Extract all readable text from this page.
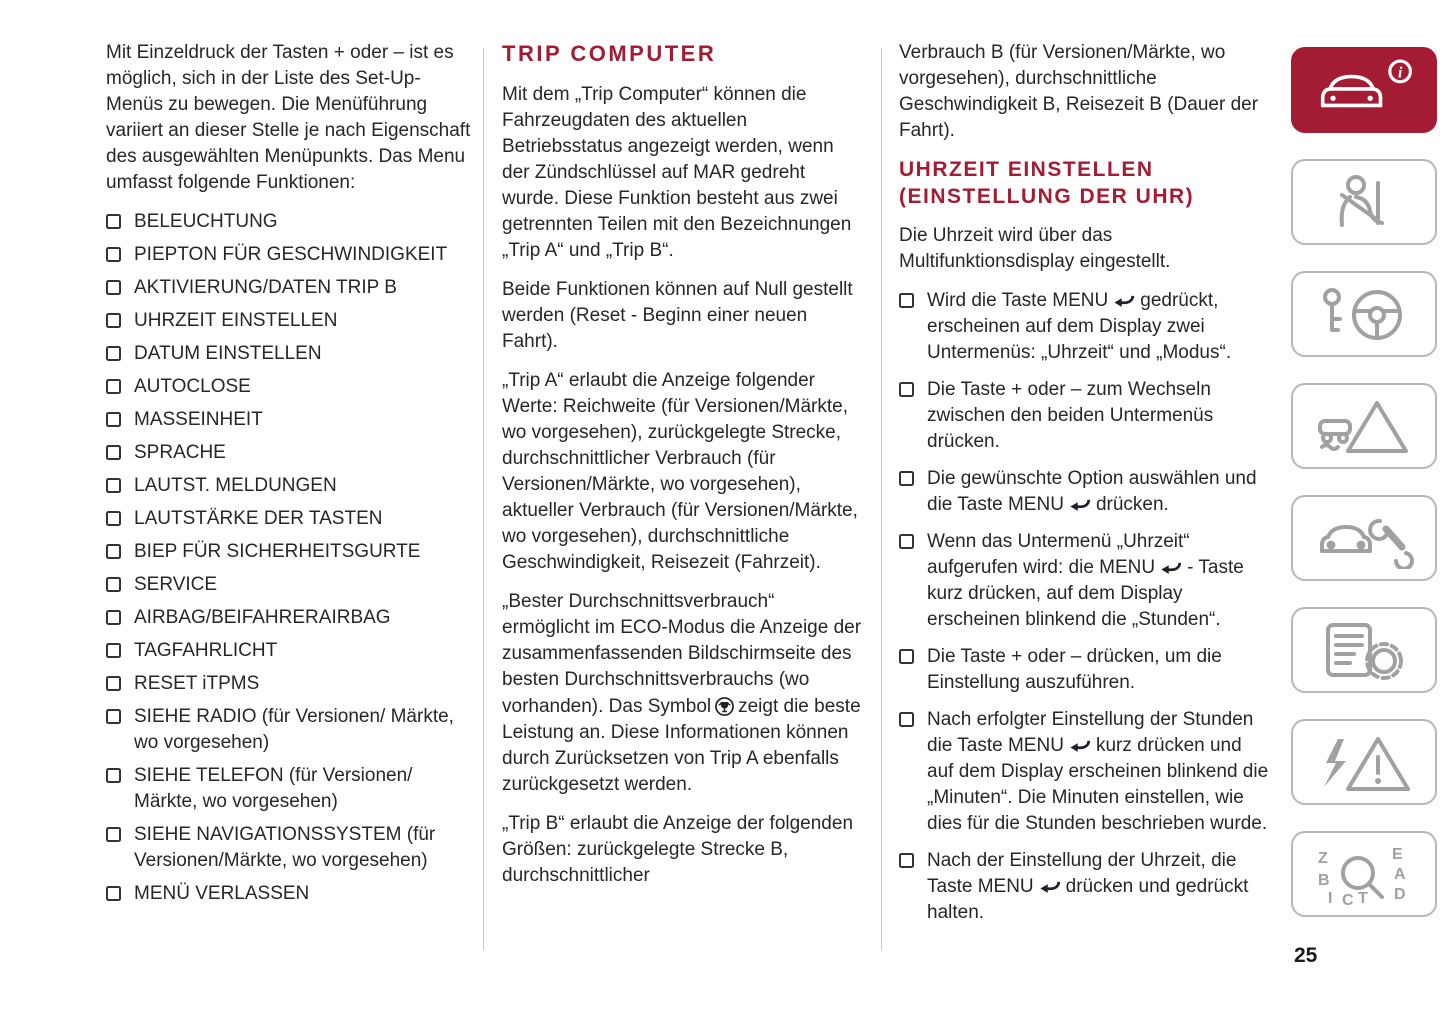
Mit Einzeldruck der Tasten + oder – ist es möglich, sich in der Liste des Set-Up-Menüs zu bewegen. Die Menüführung variiert an dieser Stelle je nach Eigenschaft des ausgewählten Menüpunkts. Das Menu umfasst folgende Funktionen:

BELEUCHTUNG
PIEPTON FÜR GESCHWINDIGKEIT
AKTIVIERUNG/DATEN TRIP B
UHRZEIT EINSTELLEN
DATUM EINSTELLEN
AUTOCLOSE
MASSEINHEIT
SPRACHE
LAUTST. MELDUNGEN
LAUTSTÄRKE DER TASTEN
BIEP FÜR SICHERHEITSGURTE
SERVICE
AIRBAG/BEIFAHRERAIRBAG
TAGFAHRLICHT
RESET iTPMS
SIEHE RADIO (für Versionen/ Märkte, wo vorgesehen)
SIEHE TELEFON (für Versionen/ Märkte, wo vorgesehen)
SIEHE NAVIGATIONSSYSTEM (für Versionen/Märkte, wo vorgesehen)
MENÜ VERLASSEN
TRIP COMPUTER

Mit dem „Trip Computer“ können die Fahrzeugdaten des aktuellen Betriebsstatus angezeigt werden, wenn der Zündschlüssel auf MAR gedreht wurde. Diese Funktion besteht aus zwei getrennten Teilen mit den Bezeichnungen „Trip A“ und „Trip B“.

Beide Funktionen können auf Null gestellt werden (Reset - Beginn einer neuen Fahrt).

„Trip A“ erlaubt die Anzeige folgender Werte: Reichweite (für Versionen/Märkte, wo vorgesehen), zurückgelegte Strecke, durchschnittlicher Verbrauch (für Versionen/Märkte, wo vorgesehen), aktueller Verbrauch (für Versionen/Märkte, wo vorgesehen), durchschnittliche Geschwindigkeit, Reisezeit (Fahrzeit).

„Bester Durchschnittsverbrauch“ ermöglicht im ECO-Modus die Anzeige der zusammenfassenden Bildschirmseite des besten Durchschnittsverbrauchs (wo vorhanden). Das Symbol zeigt die beste Leistung an. Diese Informationen können durch Zurücksetzen von Trip A ebenfalls zurückgesetzt werden.

„Trip B“ erlaubt die Anzeige der folgenden Größen: zurückgelegte Strecke B, durchschnittlicher

Verbrauch B (für Versionen/Märkte, wo vorgesehen), durchschnittliche Geschwindigkeit B, Reisezeit B (Dauer der Fahrt).

UHRZEIT EINSTELLEN (EINSTELLUNG DER UHR)

Die Uhrzeit wird über das Multifunktionsdisplay eingestellt.

Wird die Taste MENU gedrückt, erscheinen auf dem Display zwei Untermenüs: „Uhrzeit“ und „Modus“.
Die Taste + oder – zum Wechseln zwischen den beiden Untermenüs drücken.
Die gewünschte Option auswählen und die Taste MENU drücken.
Wenn das Untermenü „Uhrzeit“ aufgerufen wird: die MENU - Taste kurz drücken, auf dem Display erscheinen blinkend die „Stunden“.
Die Taste + oder – drücken, um die Einstellung auszuführen.
Nach erfolgter Einstellung der Stunden die Taste MENU kurz drücken und auf dem Display erscheinen blinkend die „Minuten“. Die Minuten einstellen, wie dies für die Stunden beschrieben wurde.
Nach der Einstellung der Uhrzeit, die Taste MENU drücken und gedrückt halten.
i
Z	E
A
B
D
I C T
25
